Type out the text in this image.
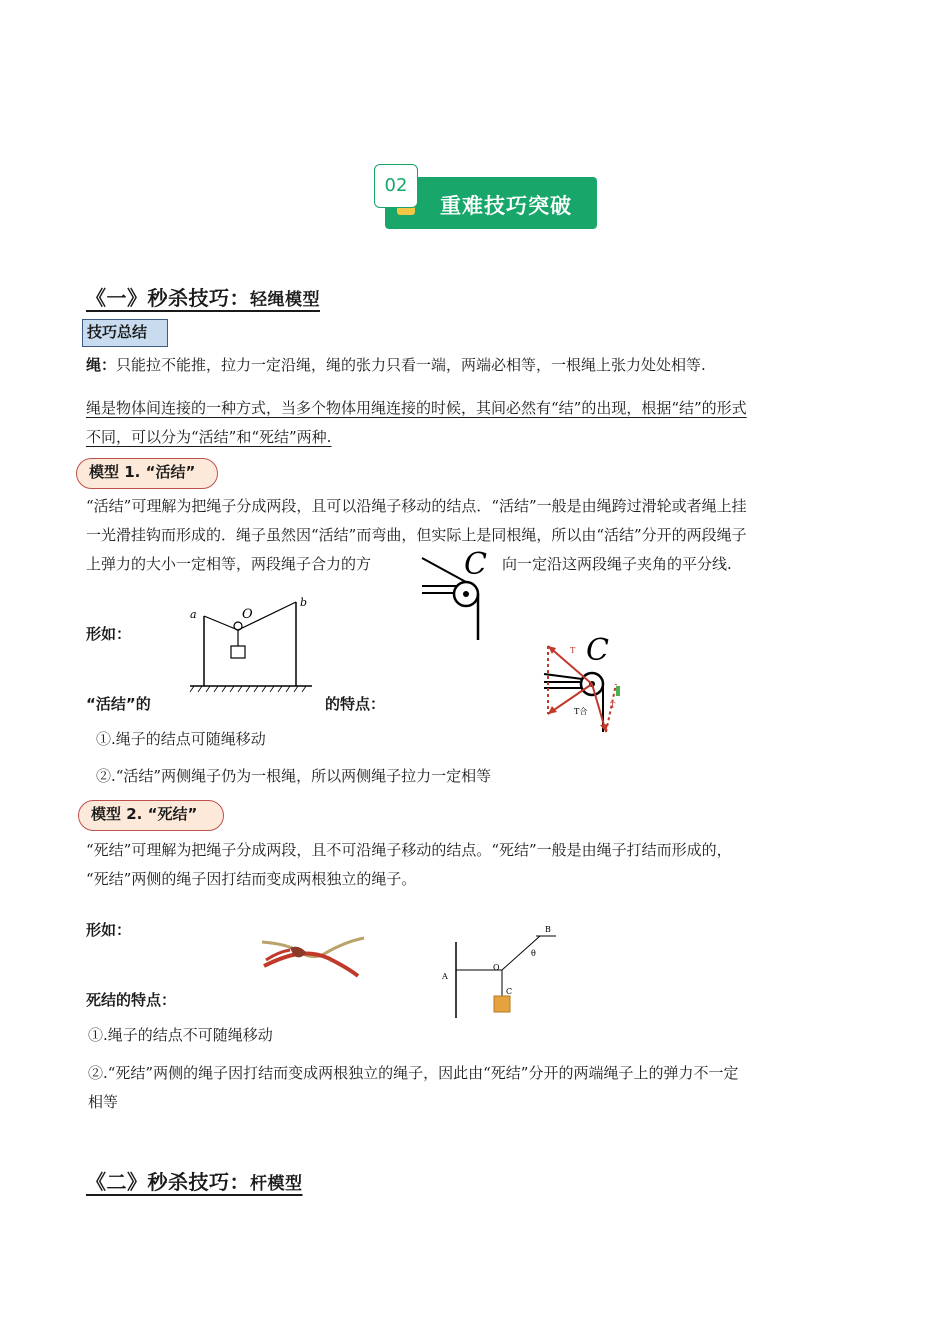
02
重难技巧突破
《一》秒杀技巧：轻绳模型
技巧总结
绳：只能拉不能推，拉力一定沿绳，绳的张力只看一端，两端必相等，一根绳上张力处处相等.
绳是物体间连接的一种方式，当多个物体用绳连接的时候，其间必然有“结”的出现，根据“结”的形式
不同，可以分为“活结”和“死结”两种.
模型 1. “活结”
“活结”可理解为把绳子分成两段，且可以沿绳子移动的结点．“活结”一般是由绳跨过滑轮或者绳上挂
一光滑挂钩而形成的．绳子虽然因“活结”而弯曲，但实际上是同根绳，所以由“活结”分开的两段绳子
上弹力的大小一定相等，两段绳子合力的方	向一定沿这两段绳子夹角的平分线.
C
形如：
a	O
b
C
T
T
T合
“活结”的	的特点：
①.绳子的结点可随绳移动
②.“活结”两侧绳子仍为一根绳，所以两侧绳子拉力一定相等
模型 2. “死结”
“死结”可理解为把绳子分成两段，且不可沿绳子移动的结点。“死结”一般是由绳子打结而形成的，
“死结”两侧的绳子因打结而变成两根独立的绳子。
形如：
A
B
O
C
θ
死结的特点：
①.绳子的结点不可随绳移动
②.“死结”两侧的绳子因打结而变成两根独立的绳子，因此由“死结”分开的两端绳子上的弹力不一定
相等
《二》秒杀技巧：杆模型
